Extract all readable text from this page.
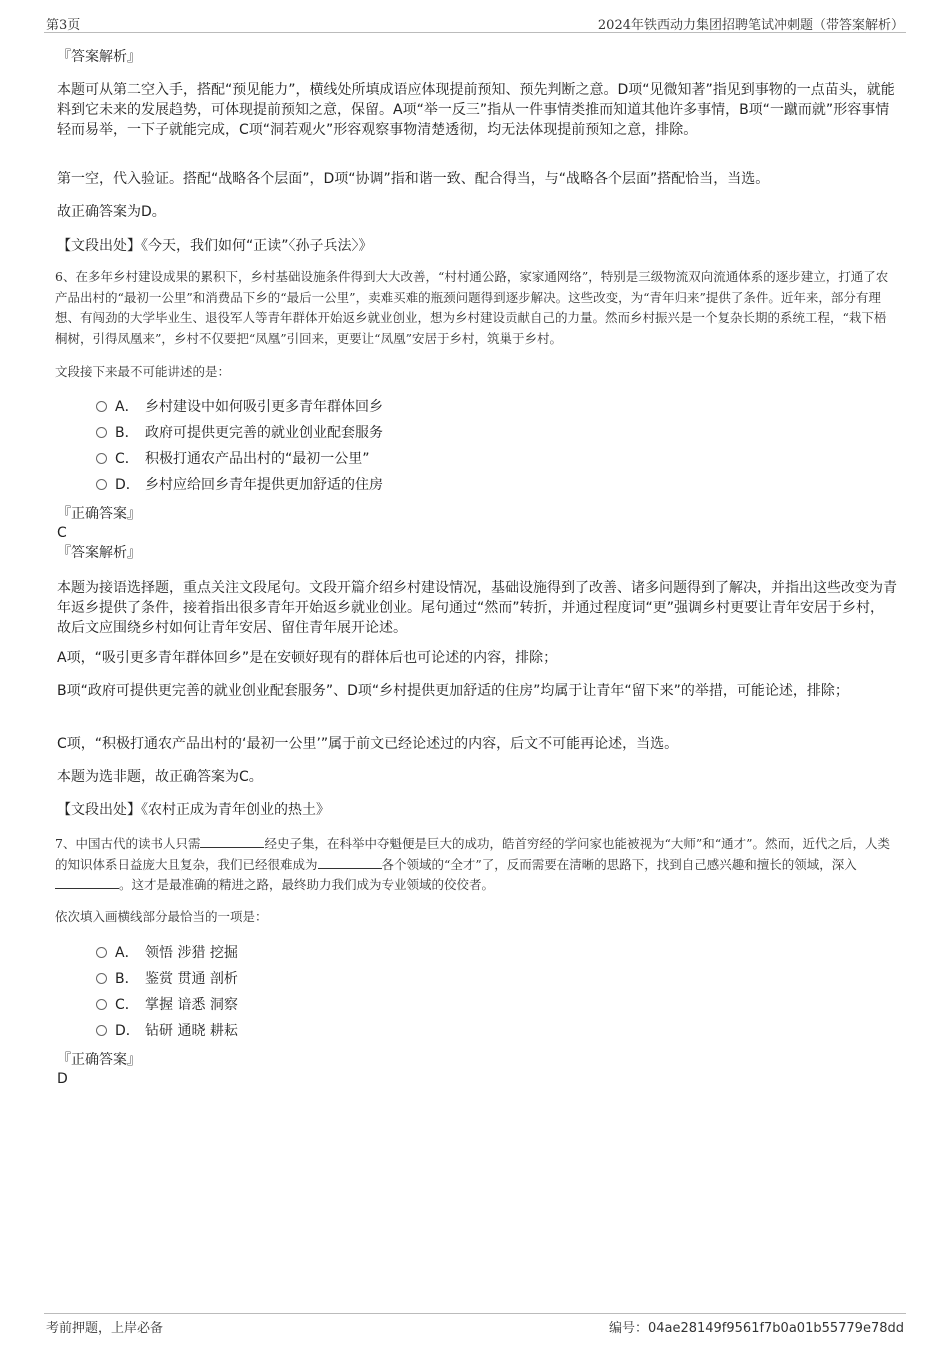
第3页	2024年铁西动力集团招聘笔试冲刺题（带答案解析）
『答案解析』
本题可从第二空入手，搭配“预见能力”，横线处所填成语应体现提前预知、预先判断之意。D项“见微知著”指见到事物的一点苗头，就能料到它未来的发展趋势，可体现提前预知之意，保留。A项“举一反三”指从一件事情类推而知道其他许多事情，B项“一蹴而就”形容事情轻而易举，一下子就能完成，C项“洞若观火”形容观察事物清楚透彻，均无法体现提前预知之意，排除。
第一空，代入验证。搭配“战略各个层面”，D项“协调”指和谐一致、配合得当，与“战略各个层面”搭配恰当，当选。
故正确答案为D。
【文段出处】《今天，我们如何“正读”〈孙子兵法〉》
6、在多年乡村建设成果的累积下，乡村基础设施条件得到大大改善，“村村通公路，家家通网络”，特别是三级物流双向流通体系的逐步建立，打通了农产品出村的“最初一公里”和消费品下乡的“最后一公里”，卖难买难的瓶颈问题得到逐步解决。这些改变，为“青年归来”提供了条件。近年来，部分有理想、有闯劲的大学毕业生、退役军人等青年群体开始返乡就业创业，想为乡村建设贡献自己的力量。然而乡村振兴是一个复杂长期的系统工程，“栽下梧桐树，引得凤凰来”，乡村不仅要把“凤凰”引回来，更要让“凤凰”安居于乡村，筑巢于乡村。
文段接下来最不可能讲述的是：
A． 乡村建设中如何吸引更多青年群体回乡
B． 政府可提供更完善的就业创业配套服务
C． 积极打通农产品出村的“最初一公里”
D． 乡村应给回乡青年提供更加舒适的住房
『正确答案』
C
『答案解析』
本题为接语选择题，重点关注文段尾句。文段开篇介绍乡村建设情况，基础设施得到了改善、诸多问题得到了解决，并指出这些改变为青年返乡提供了条件，接着指出很多青年开始返乡就业创业。尾句通过“然而”转折，并通过程度词“更”强调乡村更要让青年安居于乡村，故后文应围绕乡村如何让青年安居、留住青年展开论述。
A项，“吸引更多青年群体回乡”是在安顿好现有的群体后也可论述的内容，排除；
B项“政府可提供更完善的就业创业配套服务”、D项“乡村提供更加舒适的住房”均属于让青年“留下来”的举措，可能论述，排除；
C项，“积极打通农产品出村的‘最初一公里’”属于前文已经论述过的内容，后文不可能再论述，当选。
本题为选非题，故正确答案为C。
【文段出处】《农村正成为青年创业的热土》
7、中国古代的读书人只需	经史子集，在科举中夺魁便是巨大的成功，皓首穷经的学问家也能被视为“大师”和“通才”。然而，近代之后，人类的知识体系日益庞大且复杂，我们已经很难成为	各个领域的“全才”了，反而需要在清晰的思路下，找到自己感兴趣和擅长的领域，深入。这才是最准确的精进之路，最终助力我们成为专业领域的佼佼者。
依次填入画横线部分最恰当的一项是：
A． 领悟 涉猎 挖掘
B． 鉴赏 贯通 剖析
C． 掌握 谙悉 洞察
D． 钻研 通晓 耕耘
『正确答案』
D
考前押题，上岸必备	编号：04ae28149f9561f7b0a01b55779e78dd
